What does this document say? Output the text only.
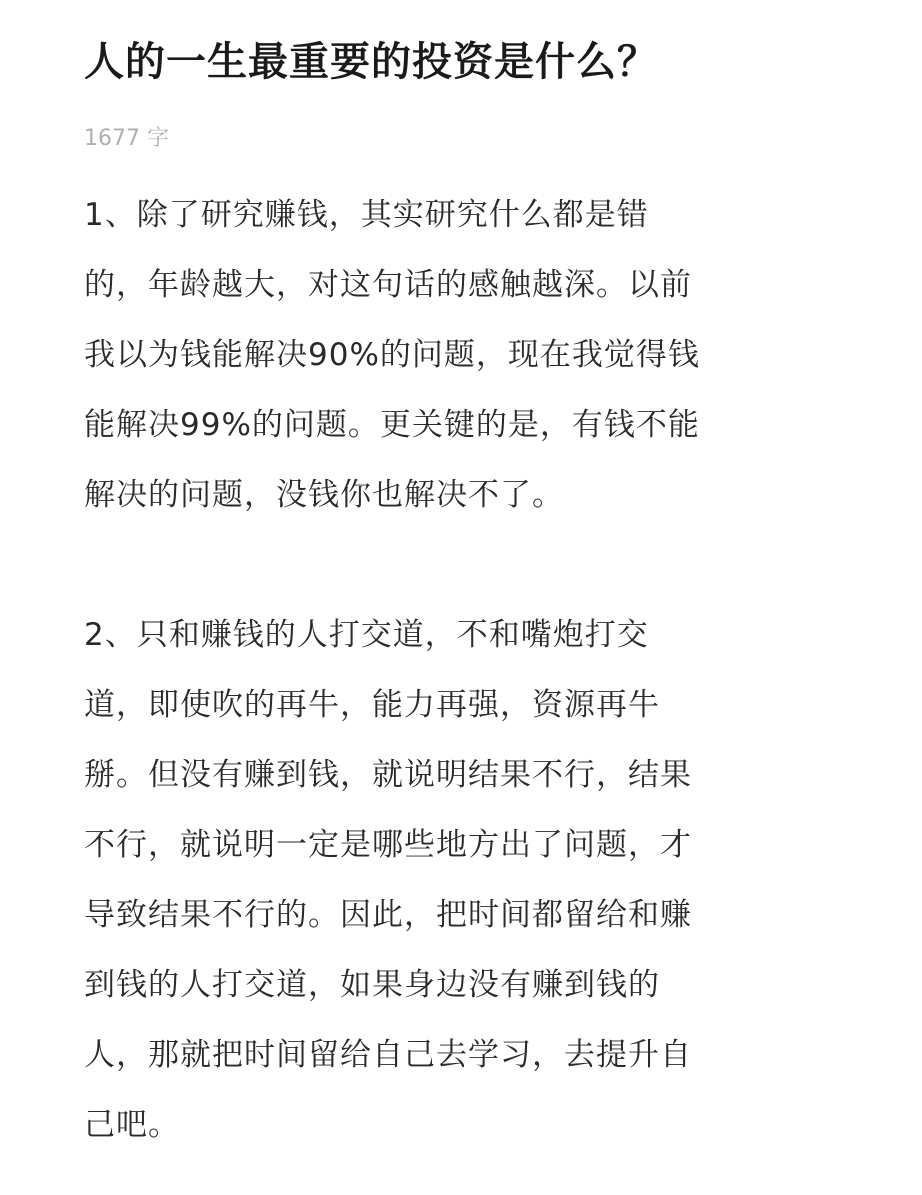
人的一生最重要的投资是什么？
1677 字
1、除了研究赚钱，其实研究什么都是错
的，年龄越大，对这句话的感触越深。以前
我以为钱能解决90%的问题，现在我觉得钱
能解决99%的问题。更关键的是，有钱不能
解决的问题，没钱你也解决不了。
2、只和赚钱的人打交道，不和嘴炮打交
道，即使吹的再牛，能力再强，资源再牛
掰。但没有赚到钱，就说明结果不行，结果
不行，就说明一定是哪些地方出了问题，才
导致结果不行的。因此，把时间都留给和赚
到钱的人打交道，如果身边没有赚到钱的
人，那就把时间留给自己去学习，去提升自
己吧。
